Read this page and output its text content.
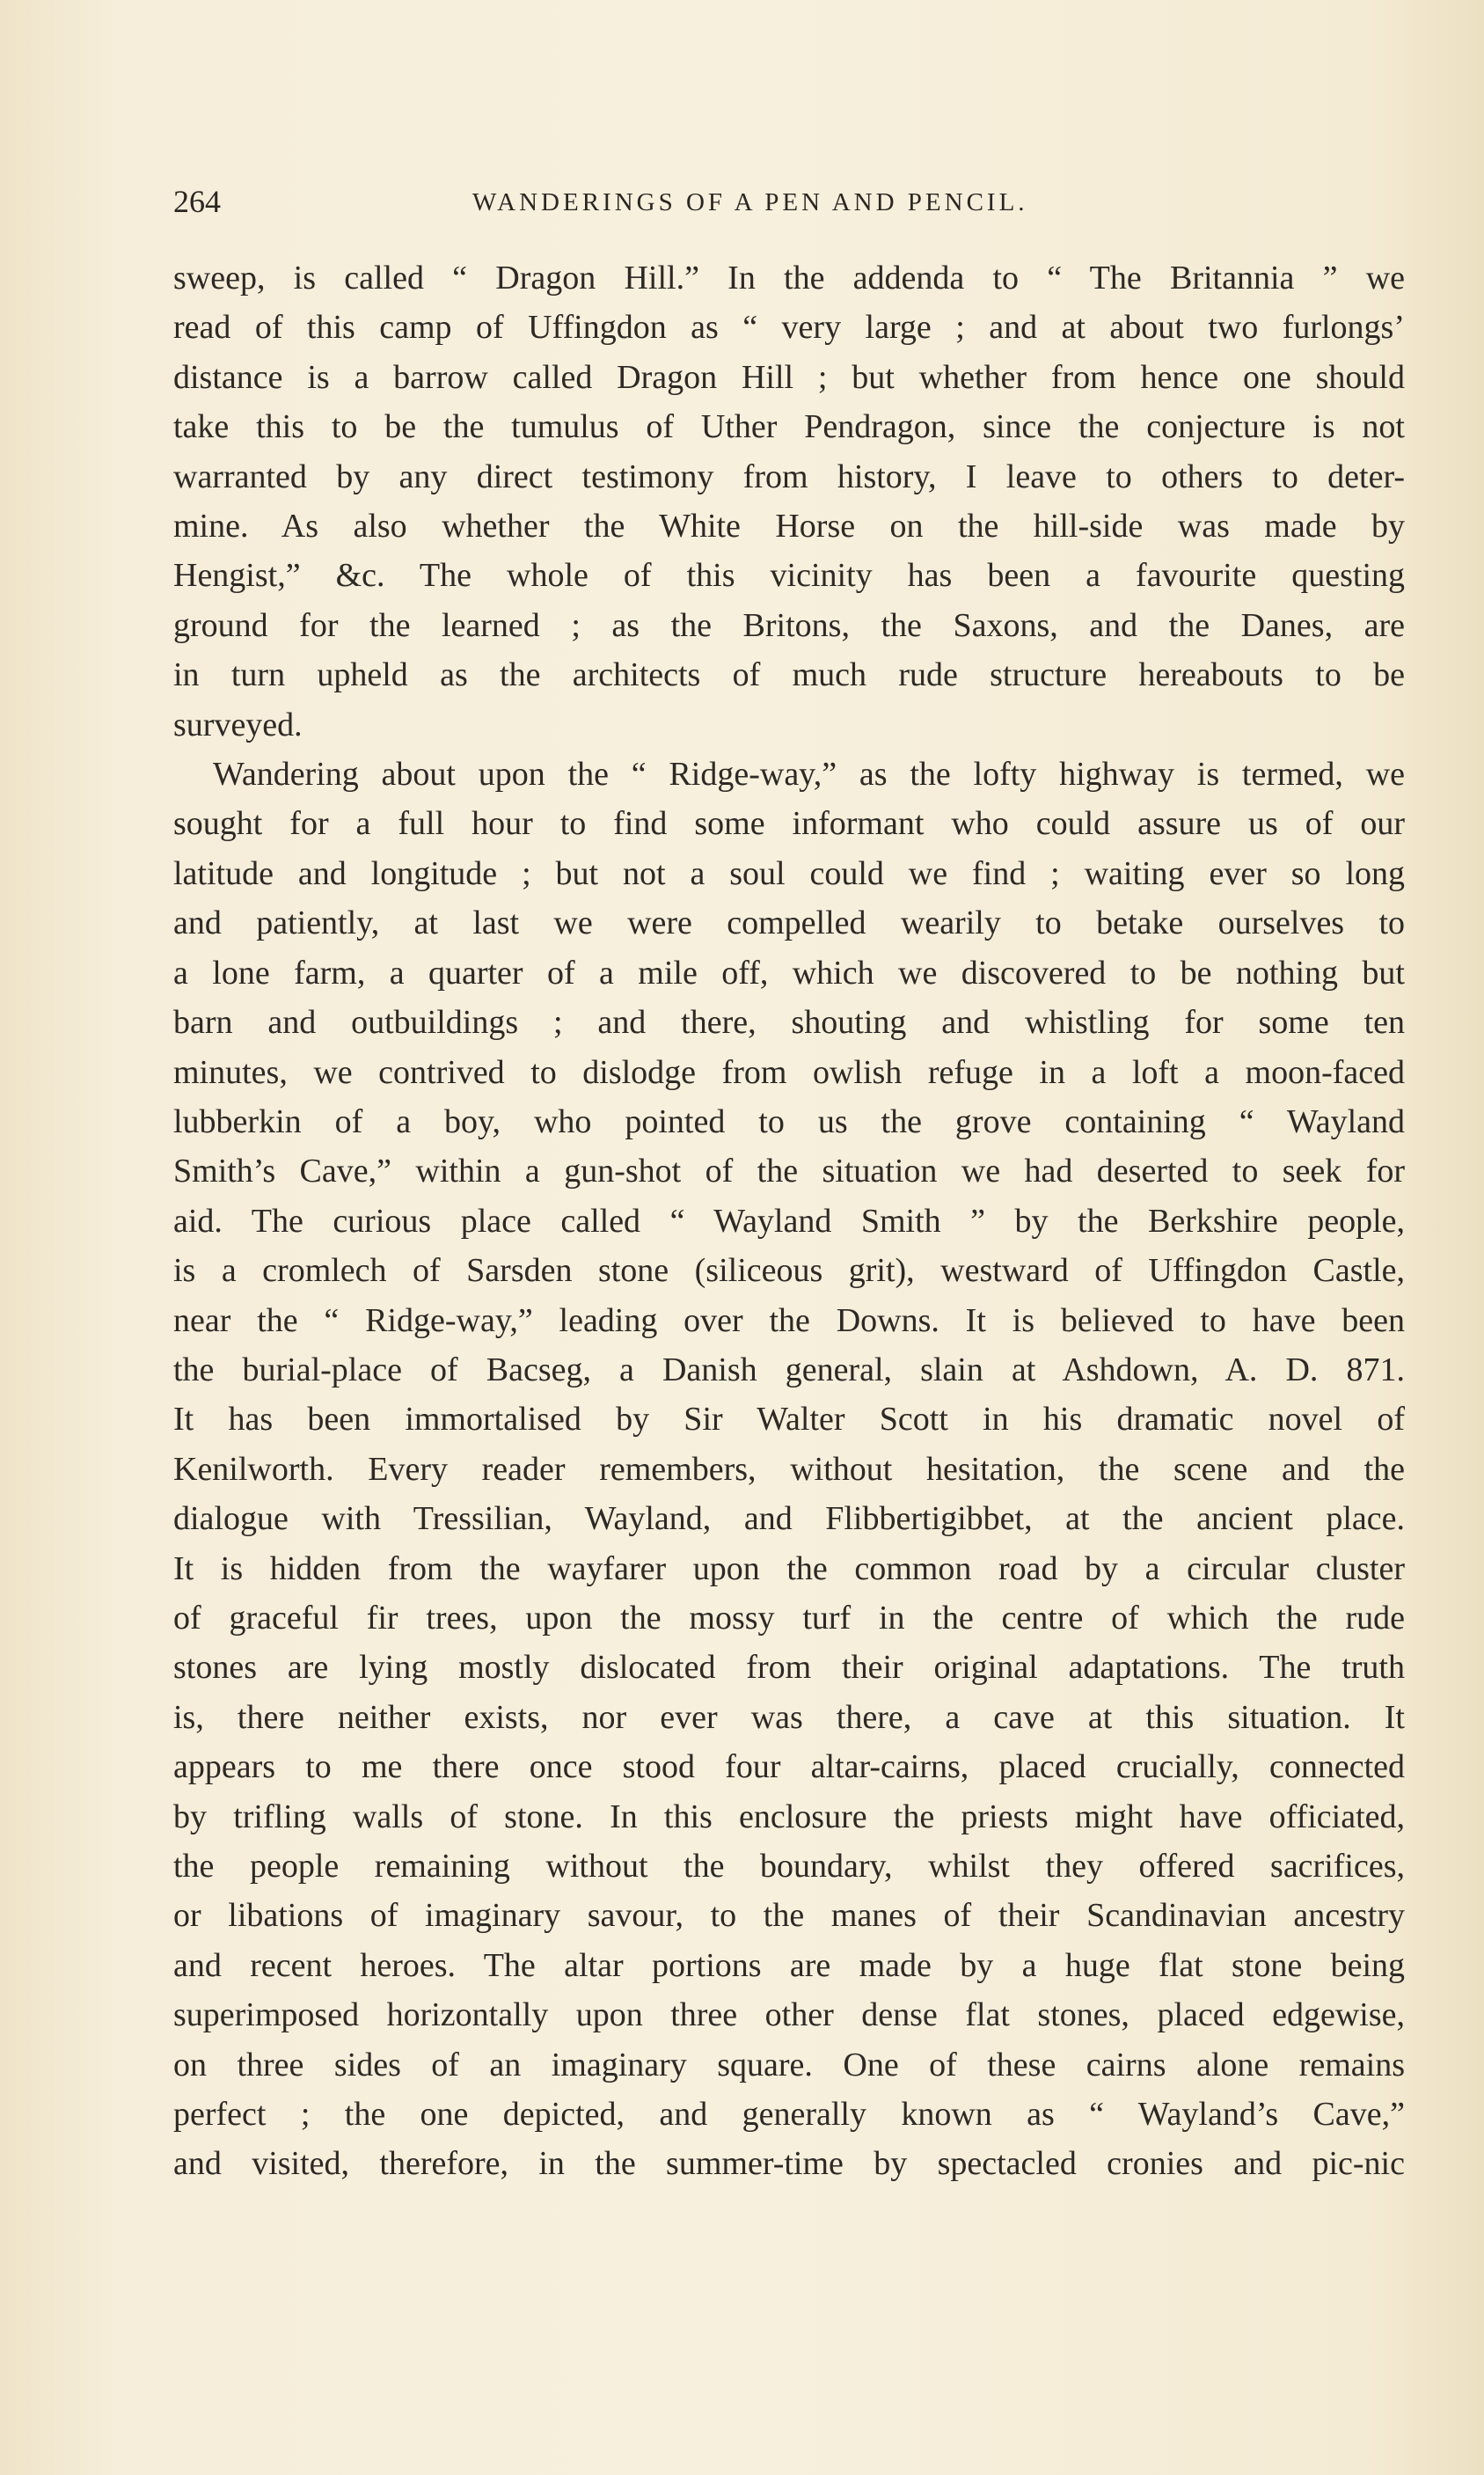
264	WANDERINGS OF A PEN AND PENCIL.

sweep, is called “ Dragon Hill.” In the addenda to “ The Britannia ” we
read of this camp of Uffingdon as “ very large ; and at about two furlongs’
distance is a barrow called Dragon Hill ; but whether from hence one should
take this to be the tumulus of Uther Pendragon, since the conjecture is not
warranted by any direct testimony from history, I leave to others to deter-
mine. As also whether the White Horse on the hill-side was made by
Hengist,” &c. The whole of this vicinity has been a favourite questing
ground for the learned ; as the Britons, the Saxons, and the Danes, are
in turn upheld as the architects of much rude structure hereabouts to be
surveyed.

Wandering about upon the “ Ridge-way,” as the lofty highway is termed, we
sought for a full hour to find some informant who could assure us of our
latitude and longitude ; but not a soul could we find ; waiting ever so long
and patiently, at last we were compelled wearily to betake ourselves to
a lone farm, a quarter of a mile off, which we discovered to be nothing but
barn and outbuildings ; and there, shouting and whistling for some ten
minutes, we contrived to dislodge from owlish refuge in a loft a moon-faced
lubberkin of a boy, who pointed to us the grove containing “ Wayland
Smith’s Cave,” within a gun-shot of the situation we had deserted to seek for
aid. The curious place called “ Wayland Smith ” by the Berkshire people,
is a cromlech of Sarsden stone (siliceous grit), westward of Uffingdon Castle,
near the “ Ridge-way,” leading over the Downs. It is believed to have been
the burial-place of Bacseg, a Danish general, slain at Ashdown, A. D. 871.
It has been immortalised by Sir Walter Scott in his dramatic novel of
Kenilworth. Every reader remembers, without hesitation, the scene and the
dialogue with Tressilian, Wayland, and Flibbertigibbet, at the ancient place.
It is hidden from the wayfarer upon the common road by a circular cluster
of graceful fir trees, upon the mossy turf in the centre of which the rude
stones are lying mostly dislocated from their original adaptations. The truth
is, there neither exists, nor ever was there, a cave at this situation. It
appears to me there once stood four altar-cairns, placed crucially, connected
by trifling walls of stone. In this enclosure the priests might have officiated,
the people remaining without the boundary, whilst they offered sacrifices,
or libations of imaginary savour, to the manes of their Scandinavian ancestry
and recent heroes. The altar portions are made by a huge flat stone being
superimposed horizontally upon three other dense flat stones, placed edgewise,
on three sides of an imaginary square. One of these cairns alone remains
perfect ; the one depicted, and generally known as “ Wayland’s Cave,”
and visited, therefore, in the summer-time by spectacled cronies and pic-nic
